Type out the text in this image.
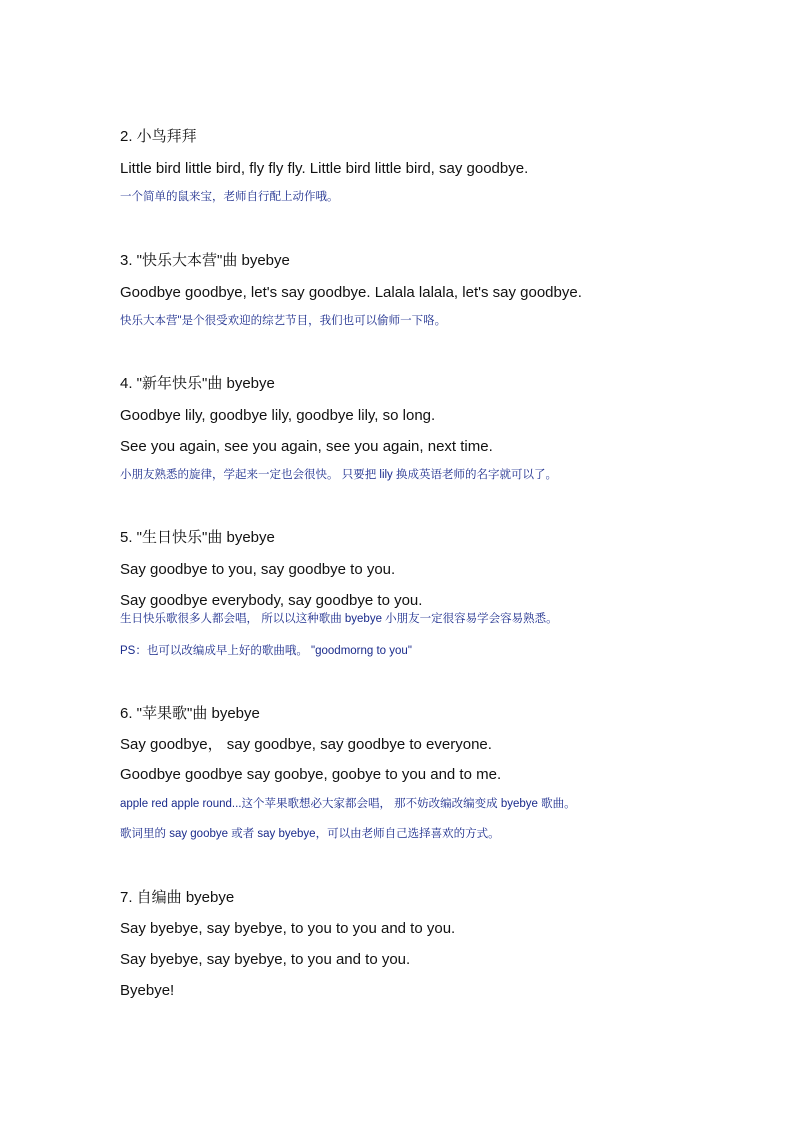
2. 小鸟拜拜
Little bird little bird, fly fly fly. Little bird little bird, say goodbye.
一个简单的鼠来宝，老师自行配上动作哦。
3. "快乐大本营"曲 byebye
Goodbye goodbye, let's say goodbye. Lalala lalala, let's say goodbye.
快乐大本营"是个很受欢迎的综艺节目，我们也可以偷师一下咯。
4. "新年快乐"曲 byebye
Goodbye lily, goodbye lily, goodbye lily, so long.
See you again, see you again, see you again, next time.
小朋友熟悉的旋律，学起来一定也会很快。 只要把 lily 换成英语老师的名字就可以了。
5. "生日快乐"曲 byebye
Say goodbye to you, say goodbye to you.
Say goodbye everybody, say goodbye to you.
生日快乐歌很多人都会唱， 所以以这种歌曲 byebye 小朋友一定很容易学会容易熟悉。
PS：也可以改编成早上好的歌曲哦。 "goodmorng to you"
6. "苹果歌"曲 byebye
Say goodbye， say goodbye, say goodbye to everyone.
Goodbye goodbye say goobye, goobye to you and to me.
apple red apple round...这个苹果歌想必大家都会唱， 那不妨改编改编变成 byebye 歌曲。
歌词里的 say goobye 或者 say byebye，可以由老师自己选择喜欢的方式。
7. 自编曲 byebye
Say byebye, say byebye, to you to you and to you.
Say byebye, say byebye, to you and to you.
Byebye!
